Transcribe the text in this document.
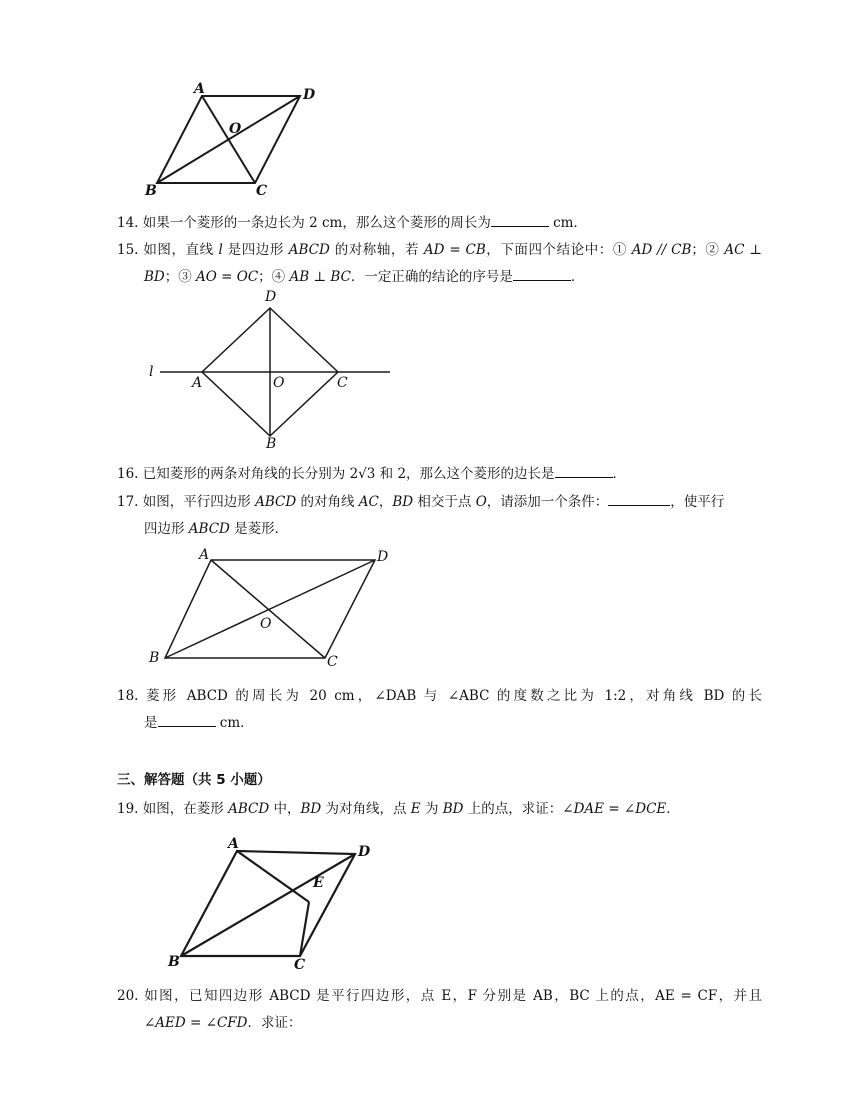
A	D
O
B	C
14. 如果一个菱形的一条边长为 2 cm，那么这个菱形的周长为	cm．
15. 如图，直线 l 是四边形 ABCD 的对称轴，若 AD = CB，下面四个结论中：① AD // CB；② AC ⊥
BD；③ AO = OC；④ AB ⊥ BC．一定正确的结论的序号是	．
D
l
A	O	C
B
16. 已知菱形的两条对角线的长分别为 2√3 和 2，那么这个菱形的边长是	．
17. 如图，平行四边形 ABCD 的对角线 AC，BD 相交于点 O，请添加一个条件：	，使平行
四边形 ABCD 是菱形．
A	D
O
B	C
18. 菱形 ABCD 的周长为 20 cm，∠DAB 与 ∠ABC 的度数之比为 1:2，对角线 BD 的长
是	cm．
三、解答题（共 5 小题）
19. 如图，在菱形 ABCD 中，BD 为对角线，点 E 为 BD 上的点，求证：∠DAE = ∠DCE．
A	D
E
B	C
20. 如图，已知四边形 ABCD 是平行四边形，点 E，F 分别是 AB，BC 上的点，AE = CF，并且
∠AED = ∠CFD．求证：
